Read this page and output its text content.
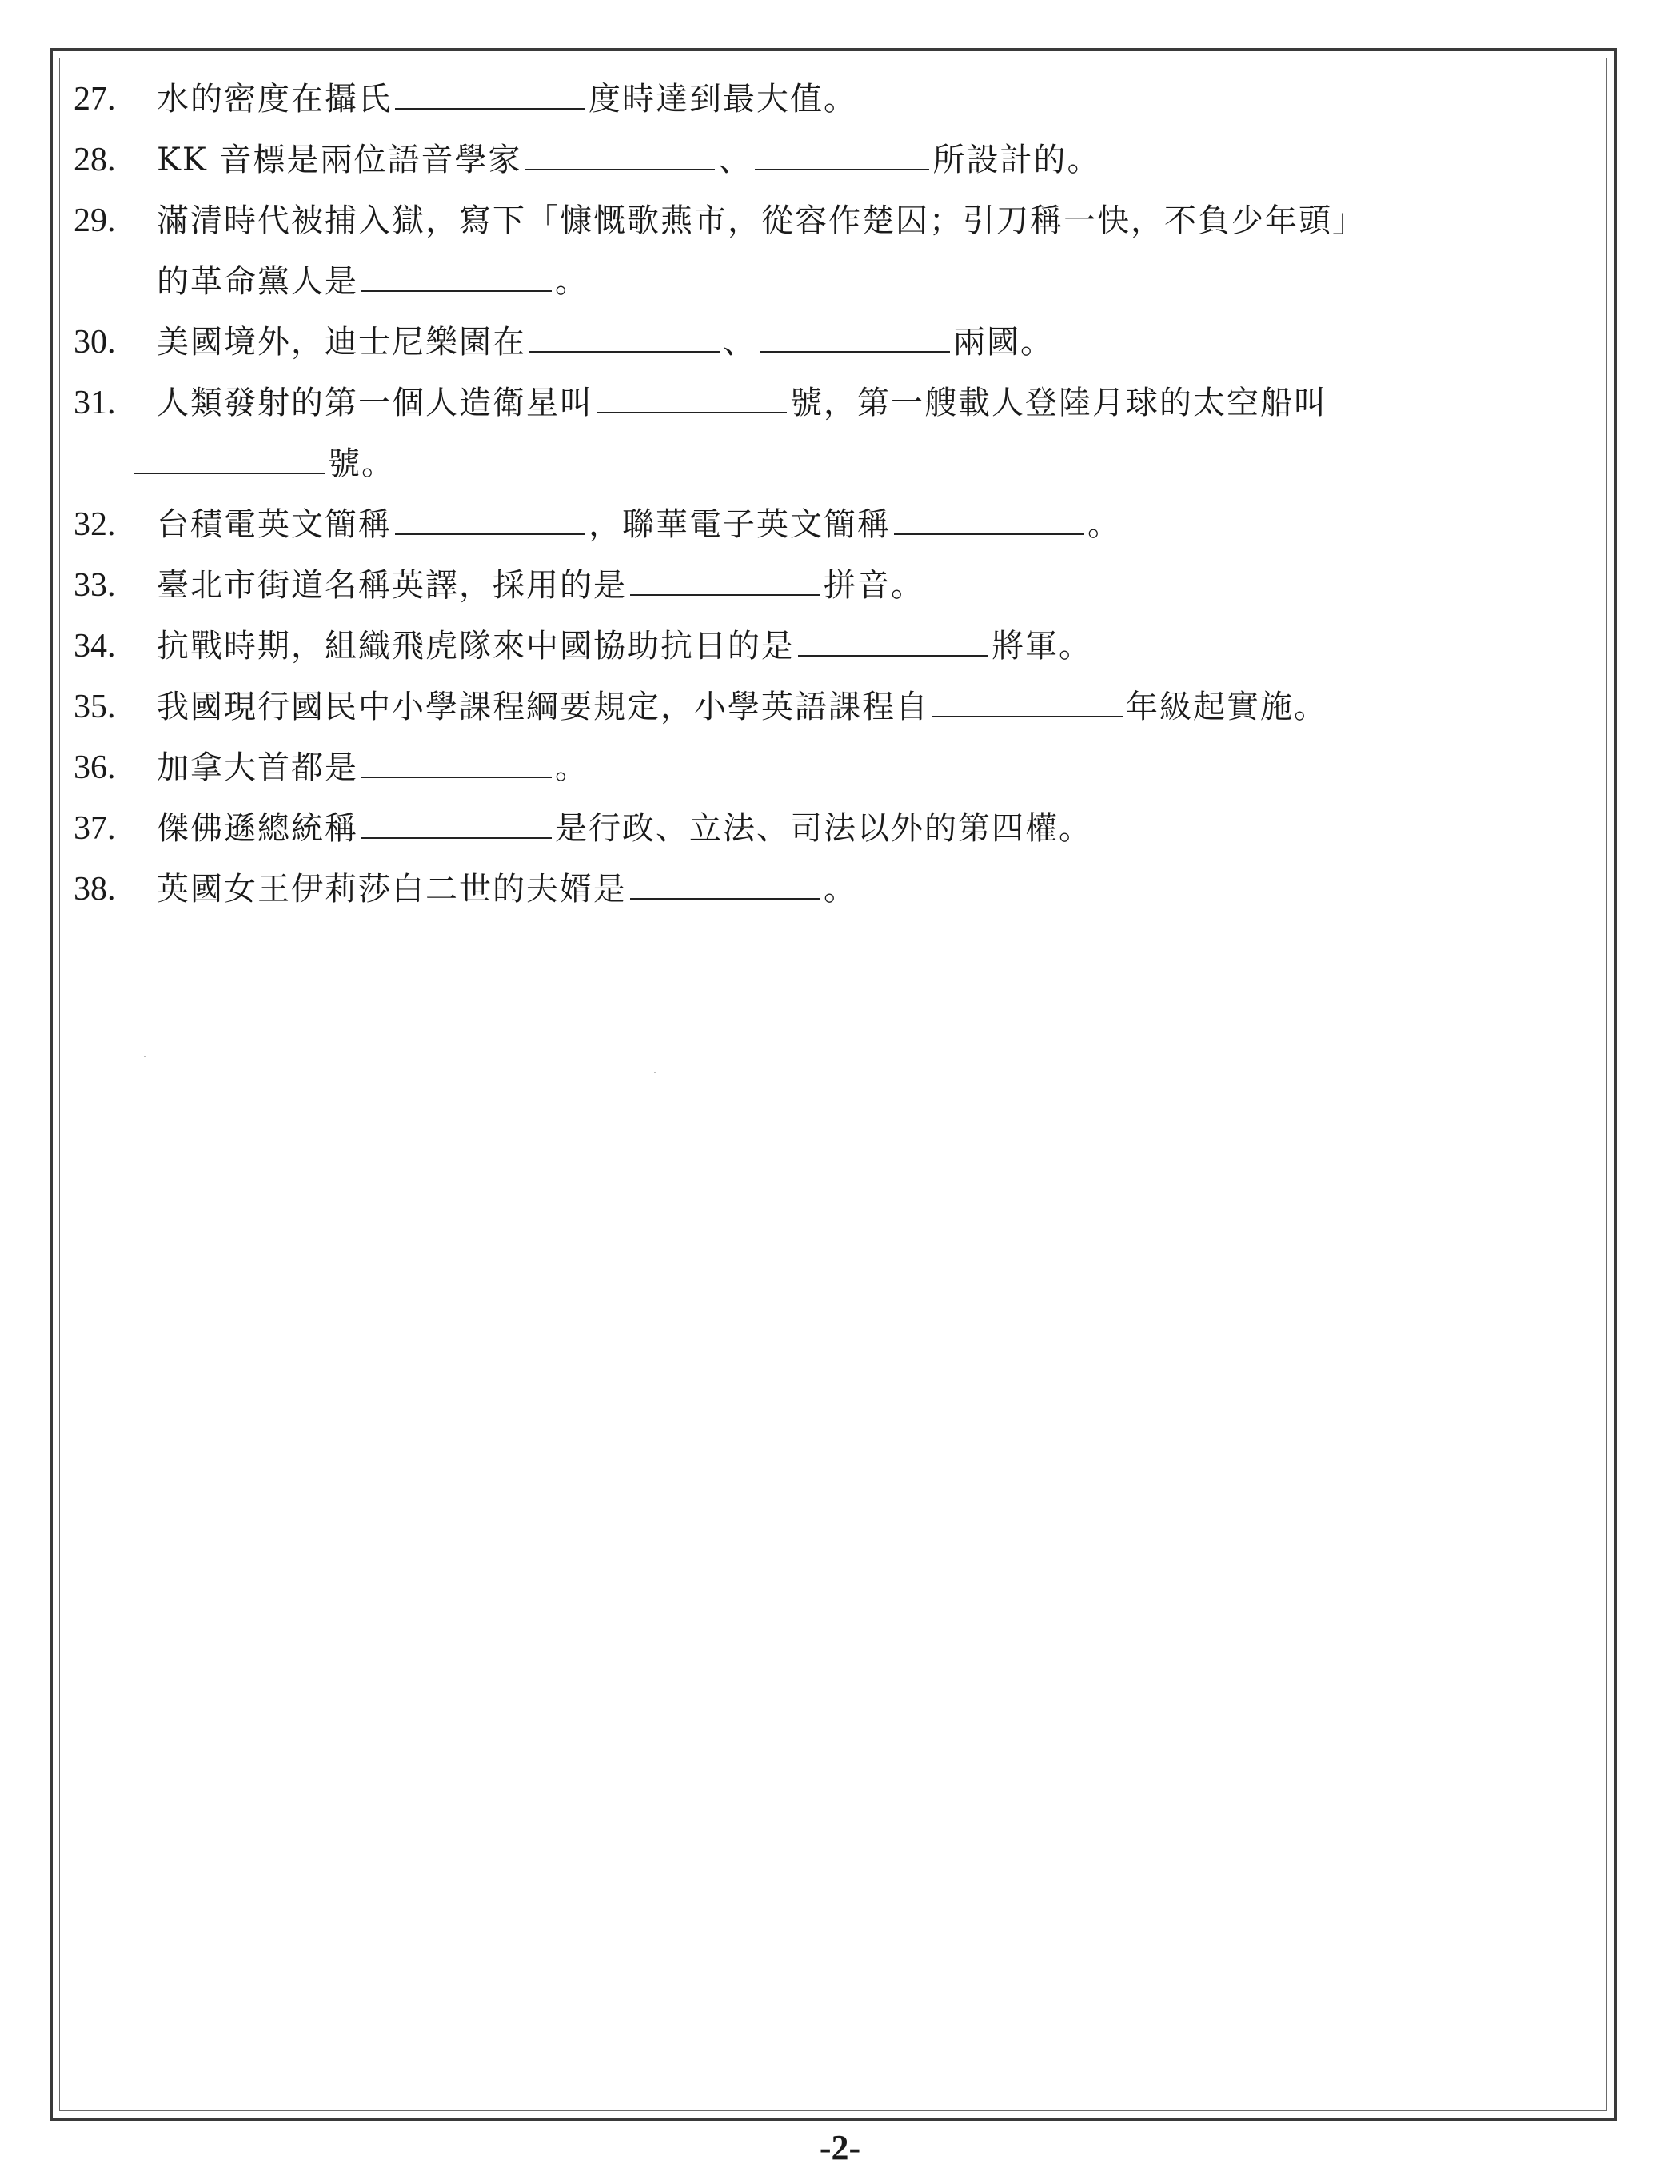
27. 水的密度在攝氏	度時達到最大值。
28. KK 音標是兩位語音學家	、	所設計的。
29. 滿清時代被捕入獄，寫下「慷慨歌燕市，從容作楚囚；引刀稱一快，不負少年頭」
的革命黨人是	。
30. 美國境外，迪士尼樂園在	、	兩國。
31. 人類發射的第一個人造衛星叫	號，第一艘載人登陸月球的太空船叫
號。
32. 台積電英文簡稱	，聯華電子英文簡稱	。
33. 臺北市街道名稱英譯，採用的是	拼音。
34. 抗戰時期，組織飛虎隊來中國協助抗日的是	將軍。
35. 我國現行國民中小學課程綱要規定，小學英語課程自	年級起實施。
36. 加拿大首都是	。
37. 傑佛遜總統稱	是行政、立法、司法以外的第四權。
38. 英國女王伊莉莎白二世的夫婿是	。
-2-
